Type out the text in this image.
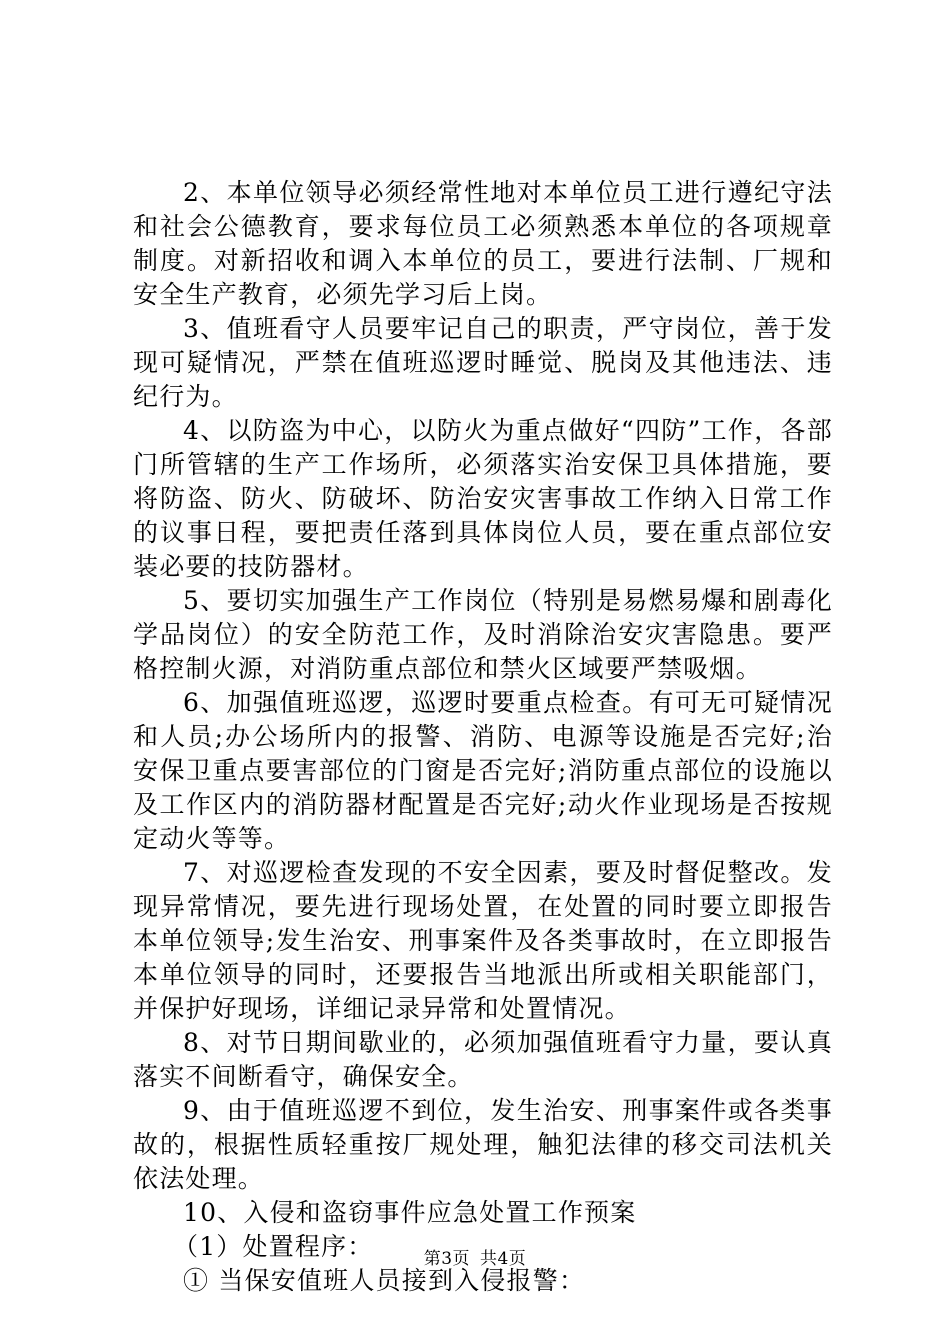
2、本单位领导必须经常性地对本单位员工进行遵纪守法和社会公德教育，要求每位员工必须熟悉本单位的各项规章制度。对新招收和调入本单位的员工，要进行法制、厂规和安全生产教育，必须先学习后上岗。

3、值班看守人员要牢记自己的职责，严守岗位，善于发现可疑情况，严禁在值班巡逻时睡觉、脱岗及其他违法、违纪行为。

4、以防盗为中心，以防火为重点做好“四防”工作，各部门所管辖的生产工作场所，必须落实治安保卫具体措施，要将防盗、防火、防破坏、防治安灾害事故工作纳入日常工作的议事日程，要把责任落到具体岗位人员，要在重点部位安装必要的技防器材。

5、要切实加强生产工作岗位（特别是易燃易爆和剧毒化学品岗位）的安全防范工作，及时消除治安灾害隐患。要严格控制火源，对消防重点部位和禁火区域要严禁吸烟。

6、加强值班巡逻，巡逻时要重点检查。有可无可疑情况和人员;办公场所内的报警、消防、电源等设施是否完好;治安保卫重点要害部位的门窗是否完好;消防重点部位的设施以及工作区内的消防器材配置是否完好;动火作业现场是否按规定动火等等。

7、对巡逻检查发现的不安全因素，要及时督促整改。发现异常情况，要先进行现场处置，在处置的同时要立即报告本单位领导;发生治安、刑事案件及各类事故时，在立即报告本单位领导的同时，还要报告当地派出所或相关职能部门，并保护好现场，详细记录异常和处置情况。

8、对节日期间歇业的，必须加强值班看守力量，要认真落实不间断看守，确保安全。

9、由于值班巡逻不到位，发生治安、刑事案件或各类事故的，根据性质轻重按厂规处理，触犯法律的移交司法机关依法处理。

10、入侵和盗窃事件应急处置工作预案

（1）处置程序：

① 当保安值班人员接到入侵报警：

第3页 共4页
